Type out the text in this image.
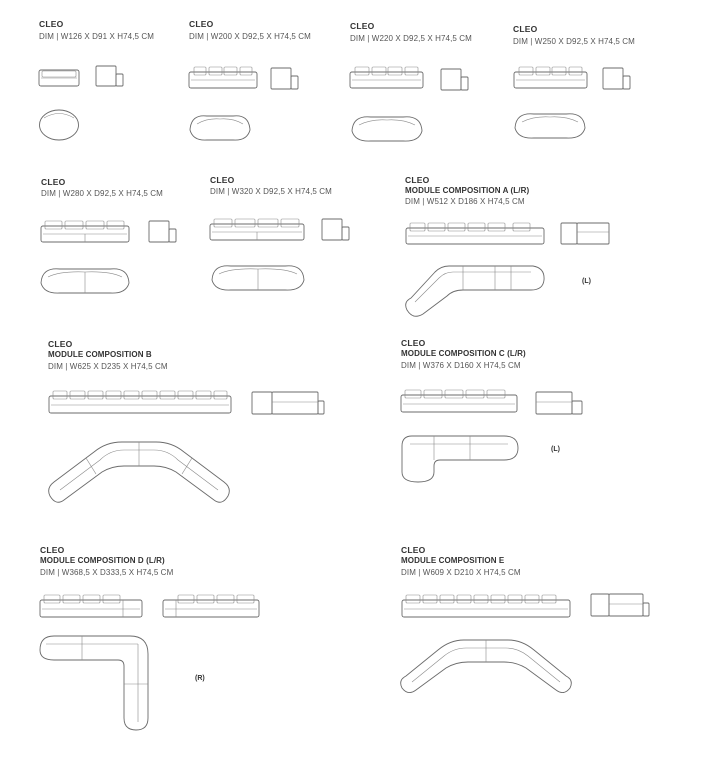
CLEO
DIM | W126 X D91 X H74,5 CM
CLEO
DIM | W200 X D92,5 X H74,5 CM
CLEO
DIM | W220 X D92,5 X H74,5 CM
CLEO
DIM | W250 X D92,5 X H74,5 CM
CLEO
DIM | W280 X D92,5 X H74,5 CM
CLEO
DIM | W320 X D92,5 X H74,5 CM
CLEO
MODULE COMPOSITION A (L/R)
DIM | W512 X D186 X H74,5 CM
(L)
CLEO
MODULE COMPOSITION B
DIM | W625 X D235 X H74,5 CM
CLEO
MODULE COMPOSITION C (L/R)
DIM | W376 X D160 X H74,5 CM
(L)
CLEO
MODULE COMPOSITION D (L/R)
DIM | W368,5 X D333,5 X H74,5 CM
CLEO
MODULE COMPOSITION E
DIM | W609 X D210 X H74,5 CM
(R)
